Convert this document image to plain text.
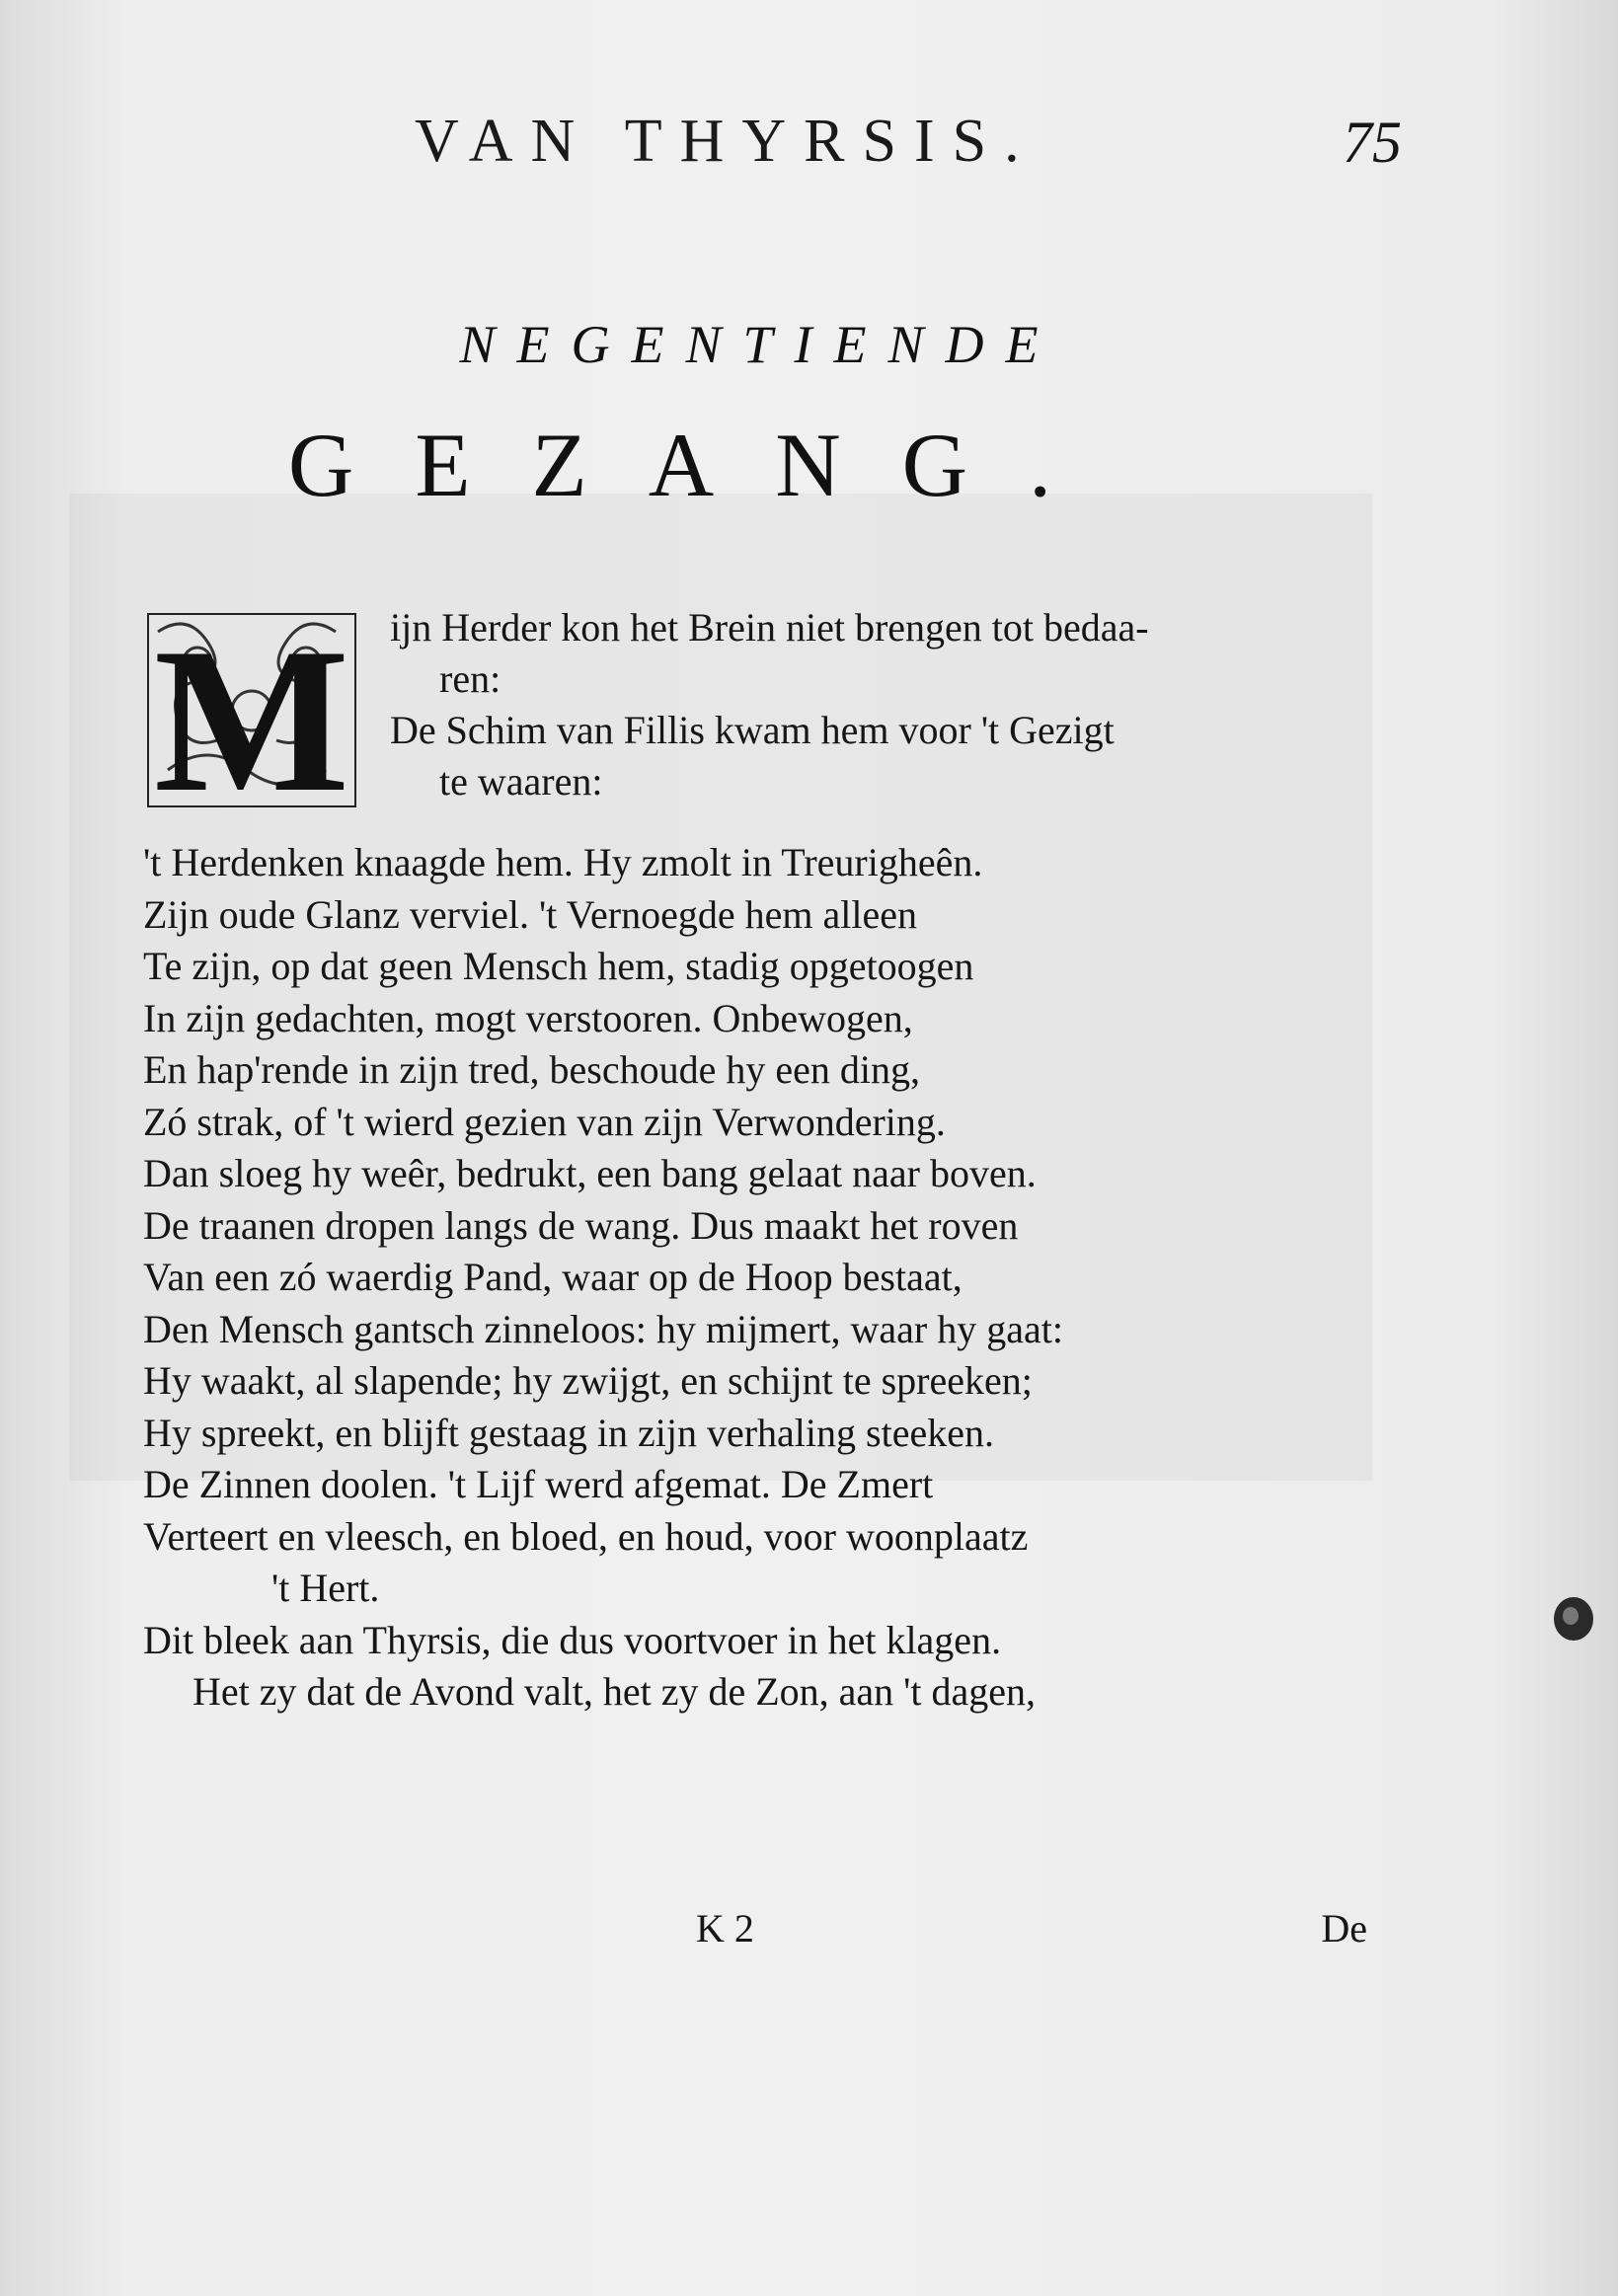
VAN THYRSIS.	75
NEGENTIENDE
GEZANG.
M ijn Herder kon het Brein niet brengen tot bedaa-
ren:
De Schim van Fillis kwam hem voor 't Gezigt
te waaren:
't Herdenken knaagde hem. Hy zmolt in Treurigheên.
Zijn oude Glanz verviel. 't Vernoegde hem alleen
Te zijn, op dat geen Mensch hem, stadig opgetoogen
In zijn gedachten, mogt verstooren. Onbewogen,
En hap'rende in zijn tred, beschoude hy een ding,
Zó strak, of 't wierd gezien van zijn Verwondering.
Dan sloeg hy weêr, bedrukt, een bang gelaat naar boven.
De traanen dropen langs de wang. Dus maakt het roven
Van een zó waerdig Pand, waar op de Hoop bestaat,
Den Mensch gantsch zinneloos: hy mijmert, waar hy gaat:
Hy waakt, al slapende; hy zwijgt, en schijnt te spreeken;
Hy spreekt, en blijft gestaag in zijn verhaling steeken.
De Zinnen doolen. 't Lijf werd afgemat. De Zmert
Verteert en vleesch, en bloed, en houd, voor woonplaatz
't Hert.
Dit bleek aan Thyrsis, die dus voortvoer in het klagen.
Het zy dat de Avond valt, het zy de Zon, aan 't dagen,
K 2	De
